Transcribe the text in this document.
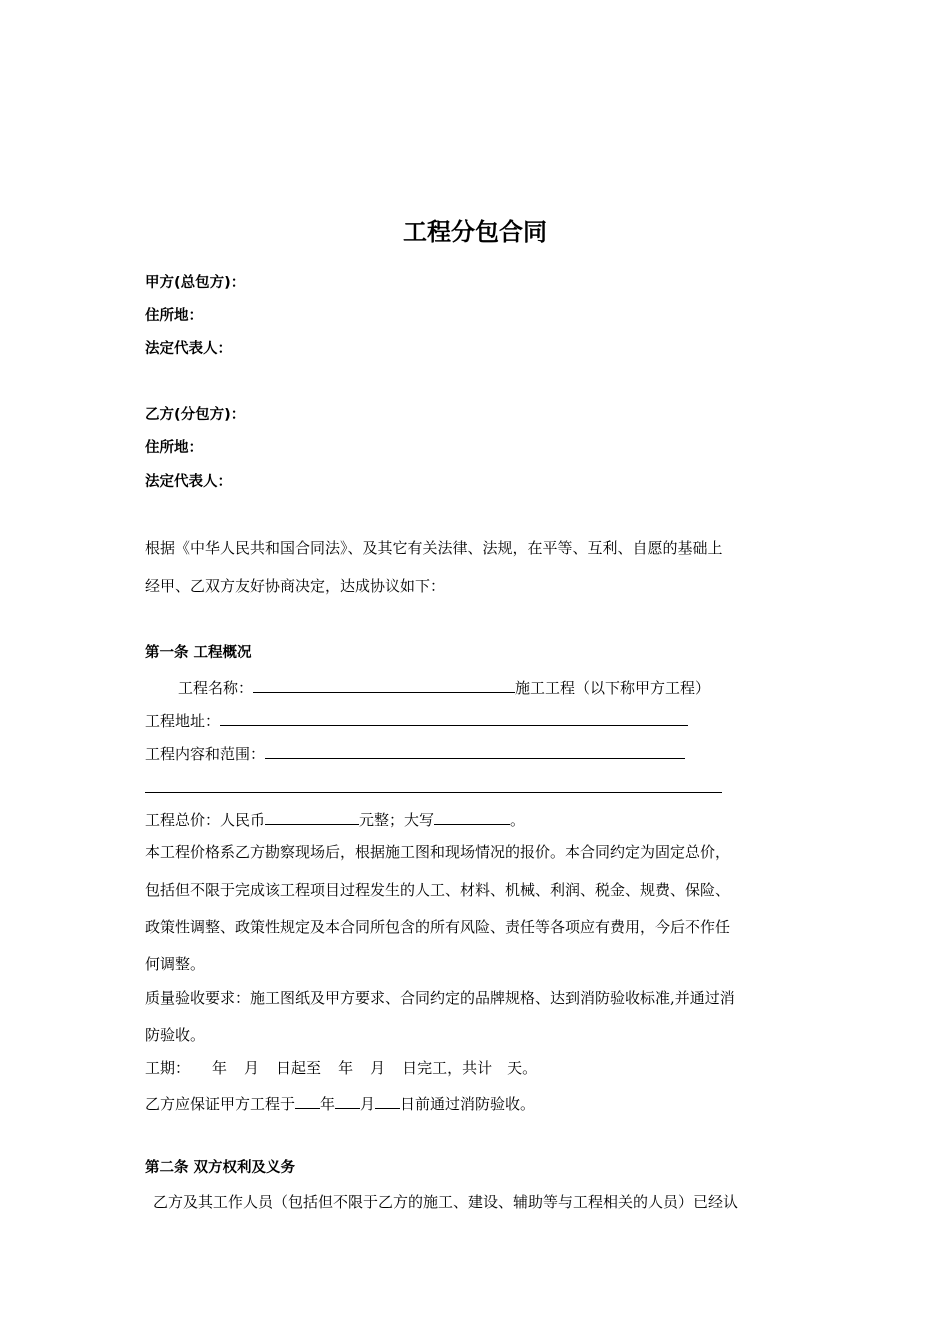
工程分包合同
甲方(总包方)：
住所地：
法定代表人：
乙方(分包方)：
住所地：
法定代表人：
根据《中华人民共和国合同法》、及其它有关法律、法规，在平等、互利、自愿的基础上
经甲、乙双方友好协商决定，达成协议如下：
第一条 工程概况
工程名称：	施工工程（以下称甲方工程）
工程地址：
工程内容和范围：
工程总价：人民币	元整；大写	。
本工程价格系乙方勘察现场后，根据施工图和现场情况的报价。本合同约定为固定总价，
包括但不限于完成该工程项目过程发生的人工、材料、机械、利润、税金、规费、保险、
政策性调整、政策性规定及本合同所包含的所有风险、责任等各项应有费用，今后不作任
何调整。
质量验收要求：施工图纸及甲方要求、合同约定的品牌规格、达到消防验收标准,并通过消
防验收。
工期： 年 月 日起至 年 月 日完工，共计 天。
乙方应保证甲方工程于 年 月 日前通过消防验收。
第二条 双方权利及义务
乙方及其工作人员（包括但不限于乙方的施工、建设、辅助等与工程相关的人员）已经认
